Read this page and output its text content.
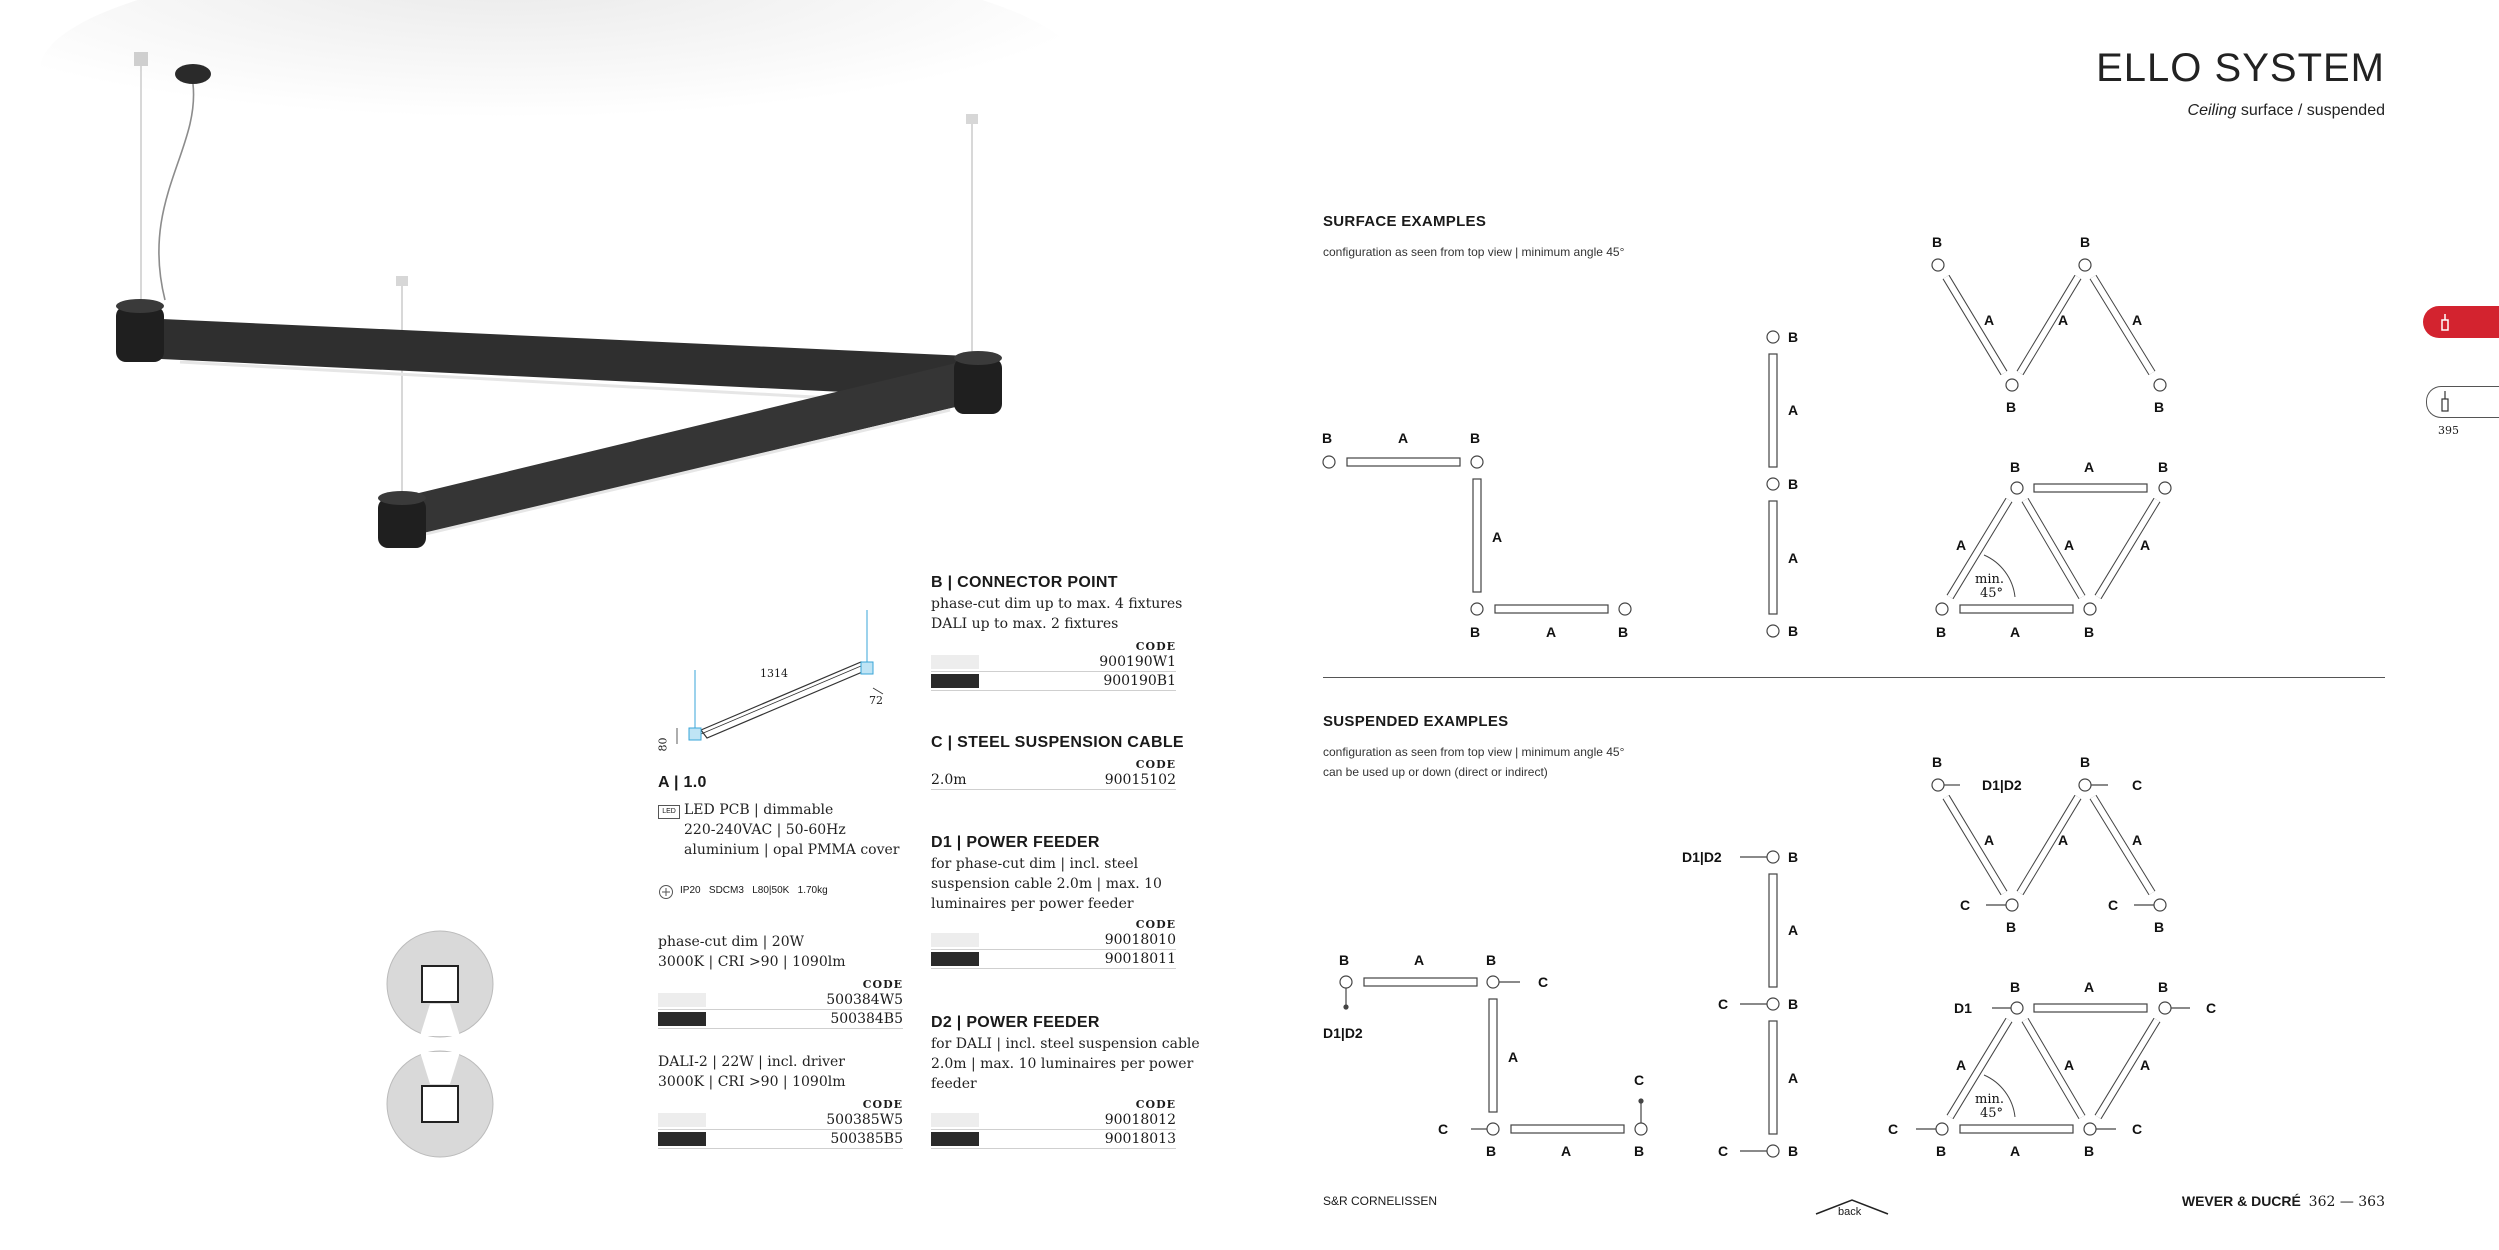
ELLO SYSTEM
Ceiling surface / suspended
395
1314
72
80
A | 1.0
LED LED PCB | dimmable
220-240VAC | 50-60Hz
aluminium | opal PMMA cover
IP20   SDCM3   L80|50K   1.70kg
phase-cut dim | 20W
3000K | CRI >90 | 1090lm
CODE
500384W5
500384B5
DALI-2 | 22W | incl. driver
3000K | CRI >90 | 1090lm
CODE
500385W5
500385B5
B | CONNECTOR POINT
phase-cut dim up to max. 4 fixtures
DALI up to max. 2 fixtures
CODE
900190W1
900190B1
C | STEEL SUSPENSION CABLE
CODE
2.0m	90015102
D1 | POWER FEEDER
for phase-cut dim | incl. steel
suspension cable 2.0m | max. 10
luminaires per power feeder
CODE
90018010
90018011
D2 | POWER FEEDER
for DALI | incl. steel suspension cable
2.0m | max. 10 luminaires per power
feeder
CODE
90018012
90018013
SURFACE EXAMPLES
configuration as seen from top view | minimum angle 45°
B	A	B
A
B	A	B
B
A
B
A
B
B	B
A	A	A
B	B
B	A	B
A	A	A
B	A	B
min.
45°
SUSPENDED EXAMPLES
configuration as seen from top view | minimum angle 45°
can be used up or down (direct or indirect)
B	A	B
C
D1|D2
A
C
C
B	A	B
D1|D2	B
A
C	B
A
C	B
B
D1|D2
B
C
A	A	A
C	C
B	B
B	A	B
D1	C
A	A	A
C
B	A	B
C
min.
45°
S&R CORNELISSEN
back
WEVER & DUCRÉ 362 — 363
